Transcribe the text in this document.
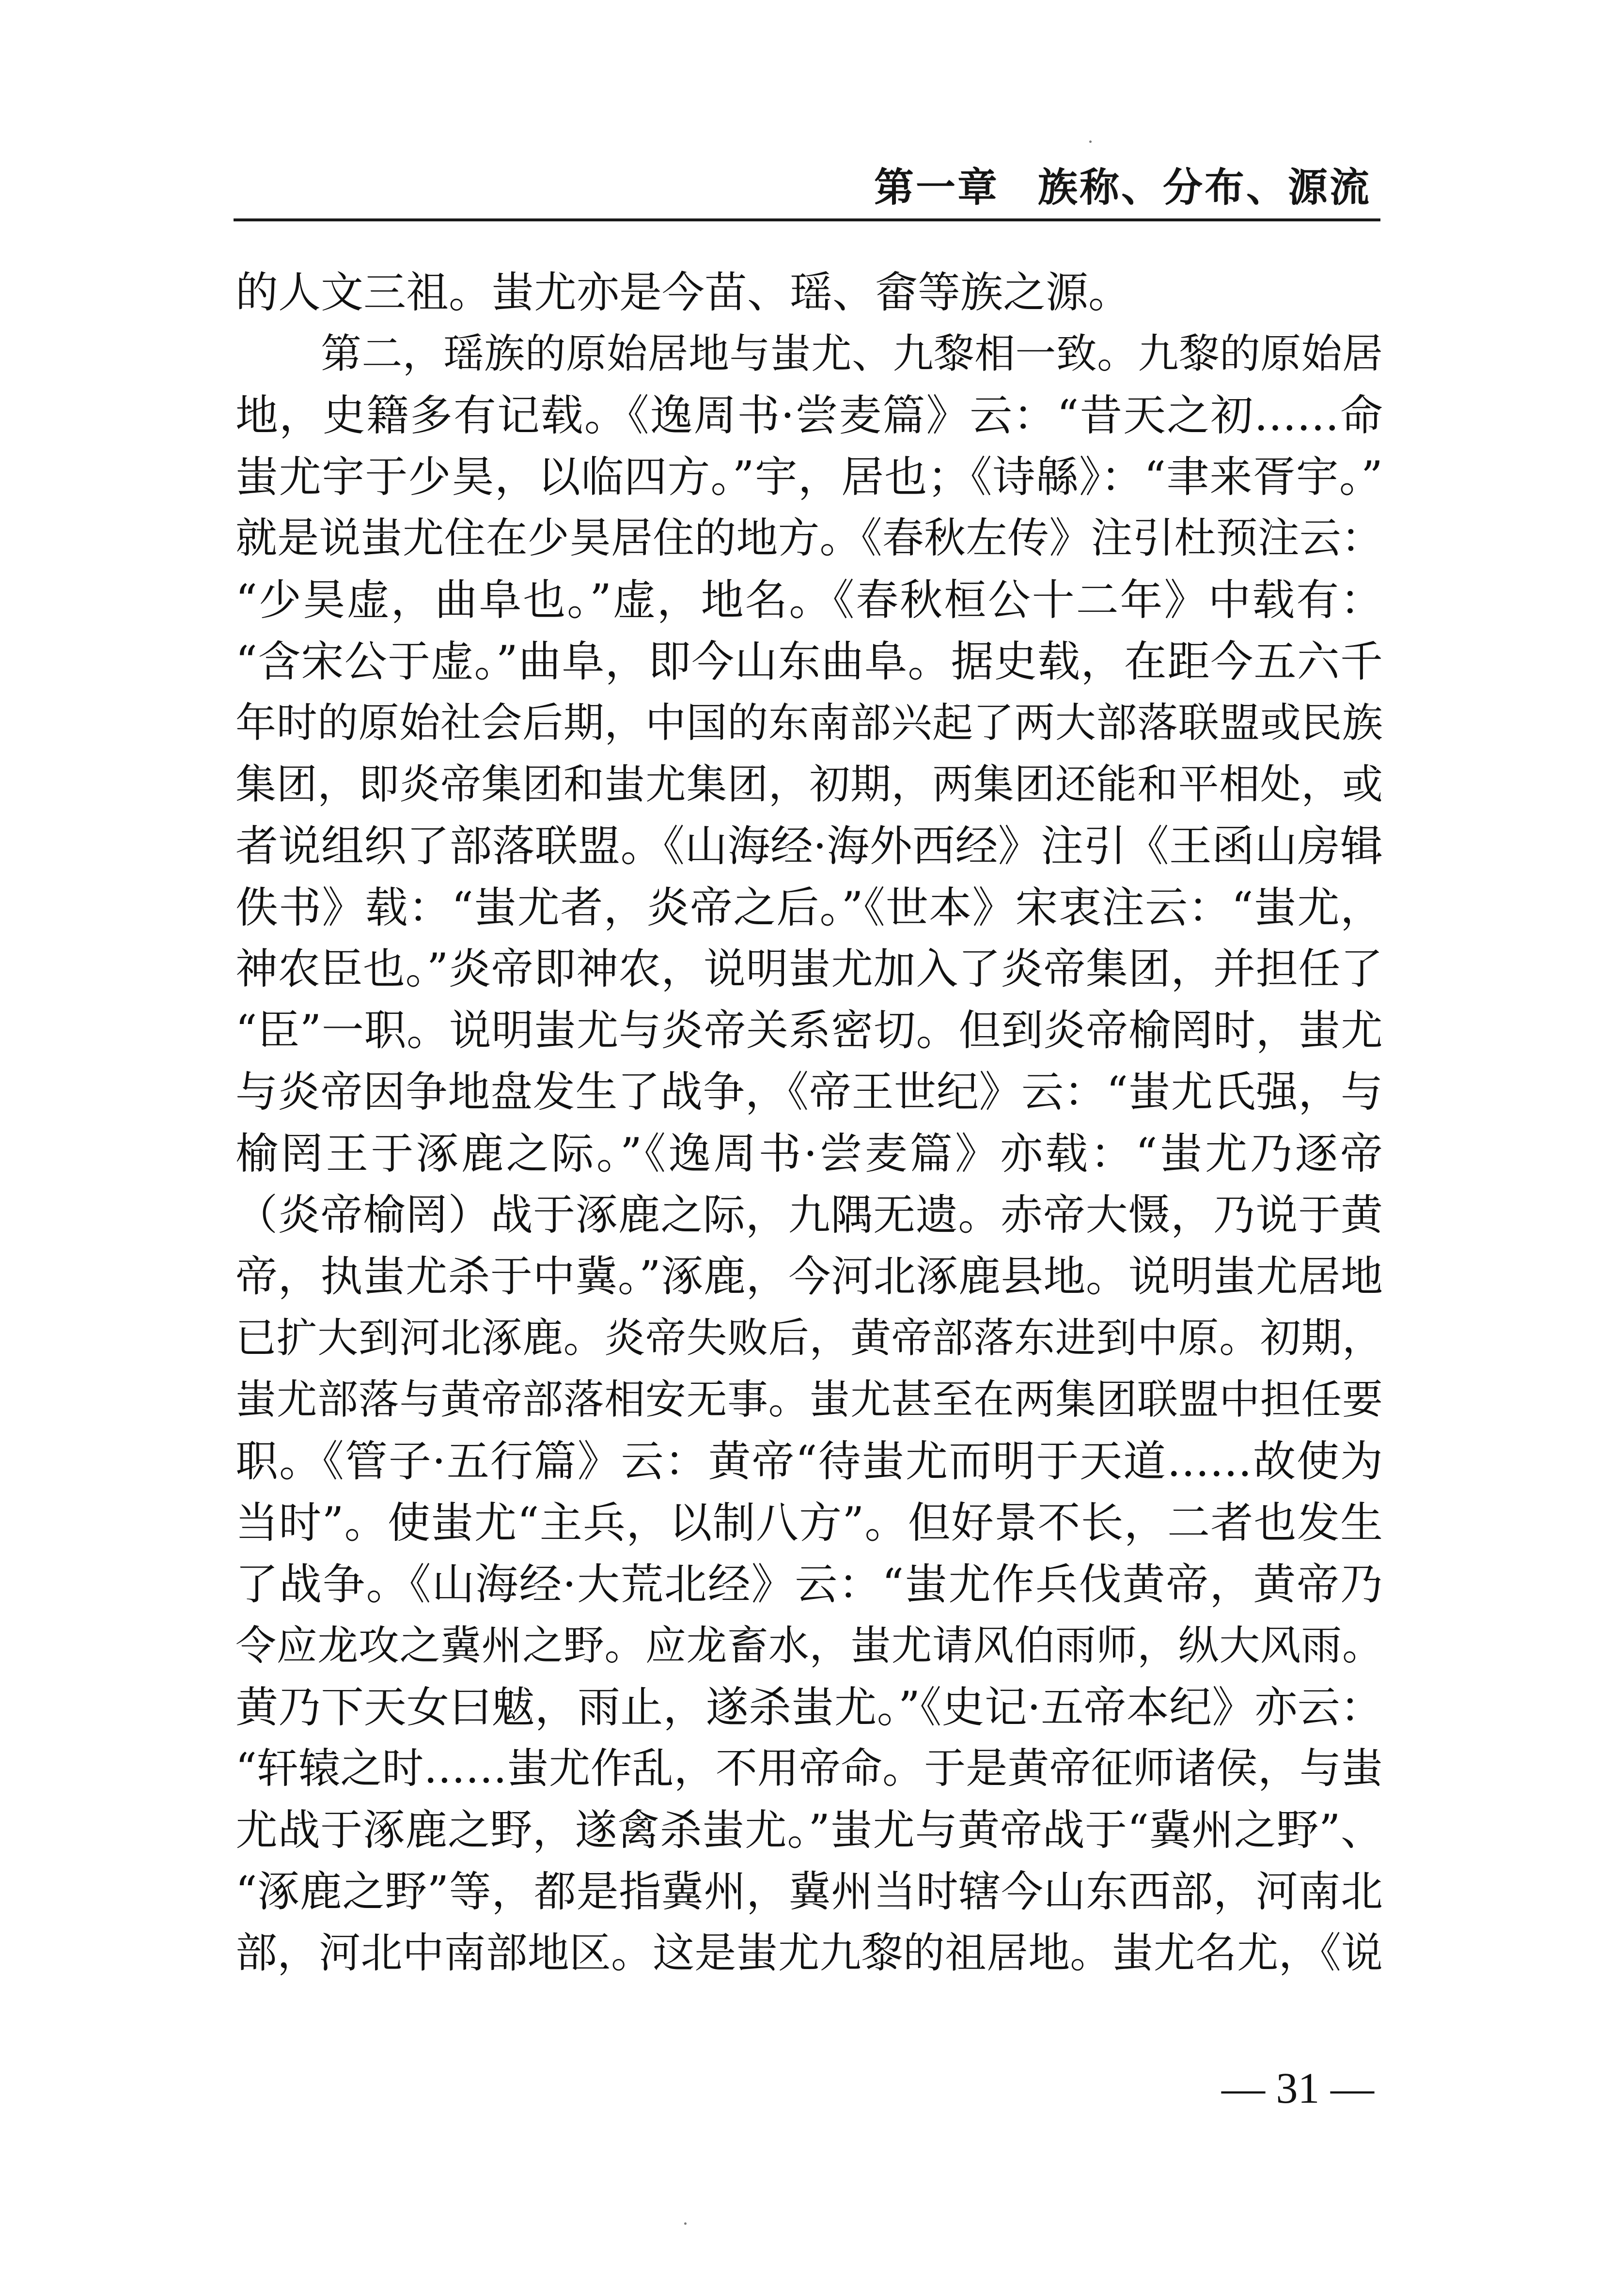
第一章 族称、分布、源流
的人文三祖。蚩尤亦是今苗、瑶、畲等族之源。
第二，瑶族的原始居地与蚩尤、九黎相一致。九黎的原始居
地，史籍多有记载。《逸周书·尝麦篇》云：“昔天之初……命
蚩尤宇于少昊，以临四方。”宇，居也；《诗緜》：“聿来胥宇。”
就是说蚩尤住在少昊居住的地方。《春秋左传》注引杜预注云：
“少昊虚，曲阜也。”虚，地名。《春秋桓公十二年》中载有：
“含宋公于虚。”曲阜，即今山东曲阜。据史载，在距今五六千
年时的原始社会后期，中国的东南部兴起了两大部落联盟或民族
集团，即炎帝集团和蚩尤集团，初期，两集团还能和平相处，或
者说组织了部落联盟。《山海经·海外西经》注引《王函山房辑
佚书》载：“蚩尤者，炎帝之后。”《世本》宋衷注云：“蚩尤，
神农臣也。”炎帝即神农，说明蚩尤加入了炎帝集团，并担任了
“臣”一职。说明蚩尤与炎帝关系密切。但到炎帝榆罔时，蚩尤
与炎帝因争地盘发生了战争，《帝王世纪》云：“蚩尤氏强，与
榆罔王于涿鹿之际。”《逸周书·尝麦篇》亦载：“蚩尤乃逐帝
（炎帝榆罔）战于涿鹿之际，九隅无遗。赤帝大慑，乃说于黄
帝，执蚩尤杀于中冀。”涿鹿，今河北涿鹿县地。说明蚩尤居地
已扩大到河北涿鹿。炎帝失败后，黄帝部落东进到中原。初期，
蚩尤部落与黄帝部落相安无事。蚩尤甚至在两集团联盟中担任要
职。《管子·五行篇》云：黄帝“待蚩尤而明于天道……故使为
当时”。使蚩尤“主兵，以制八方”。但好景不长，二者也发生
了战争。《山海经·大荒北经》云：“蚩尤作兵伐黄帝，黄帝乃
令应龙攻之冀州之野。应龙畜水，蚩尤请风伯雨师，纵大风雨。
黄乃下天女曰魃，雨止，遂杀蚩尤。”《史记·五帝本纪》亦云：
“轩辕之时……蚩尤作乱，不用帝命。于是黄帝征师诸侯，与蚩
尤战于涿鹿之野，遂禽杀蚩尤。”蚩尤与黄帝战于“冀州之野”、
“涿鹿之野”等，都是指冀州，冀州当时辖今山东西部，河南北
部，河北中南部地区。这是蚩尤九黎的祖居地。蚩尤名尤，《说
— 31 —
